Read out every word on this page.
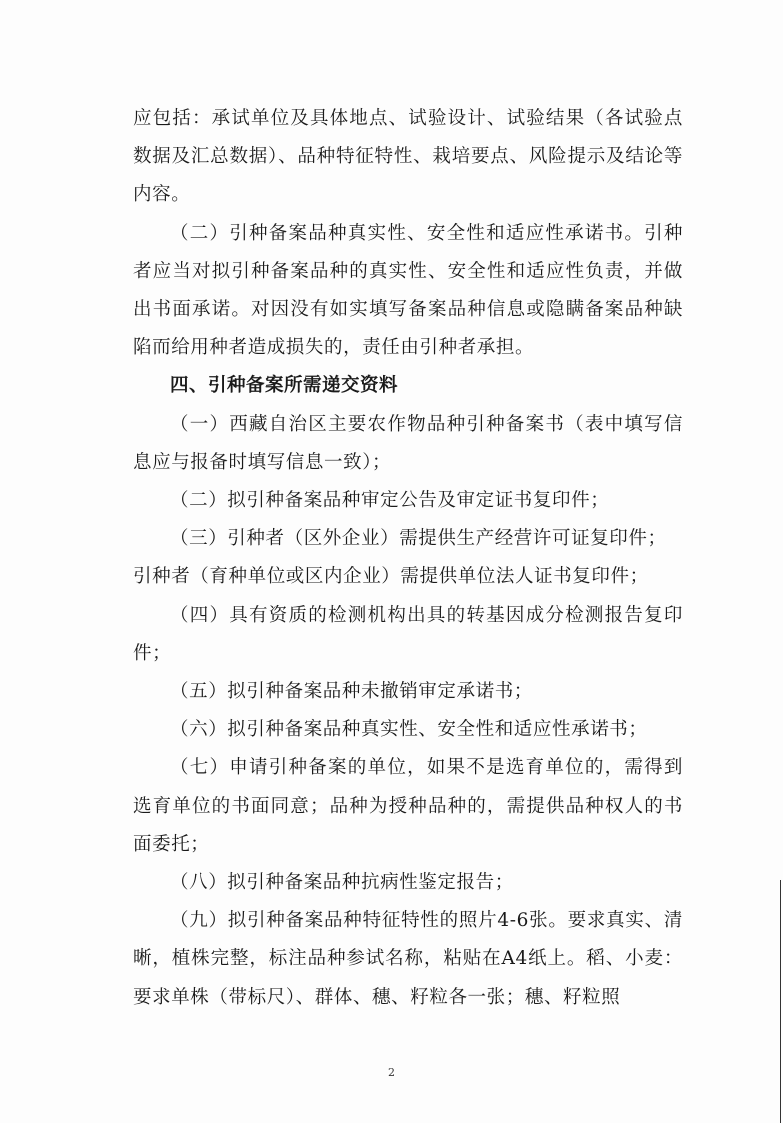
应包括：承试单位及具体地点、试验设计、试验结果（各试验点数据及汇总数据）、品种特征特性、栽培要点、风险提示及结论等内容。

（二）引种备案品种真实性、安全性和适应性承诺书。引种者应当对拟引种备案品种的真实性、安全性和适应性负责，并做出书面承诺。对因没有如实填写备案品种信息或隐瞒备案品种缺陷而给用种者造成损失的，责任由引种者承担。

四、引种备案所需递交资料

（一）西藏自治区主要农作物品种引种备案书（表中填写信息应与报备时填写信息一致）；

（二）拟引种备案品种审定公告及审定证书复印件；

（三）引种者（区外企业）需提供生产经营许可证复印件；

引种者（育种单位或区内企业）需提供单位法人证书复印件；

（四）具有资质的检测机构出具的转基因成分检测报告复印件；

（五）拟引种备案品种未撤销审定承诺书；

（六）拟引种备案品种真实性、安全性和适应性承诺书；

（七）申请引种备案的单位，如果不是选育单位的，需得到选育单位的书面同意；品种为授种品种的，需提供品种权人的书面委托；

（八）拟引种备案品种抗病性鉴定报告；

（九）拟引种备案品种特征特性的照片4-6张。要求真实、清晰，植株完整，标注品种参试名称，粘贴在A4纸上。稻、小麦：要求单株（带标尺）、群体、穗、籽粒各一张；穗、籽粒照

2
